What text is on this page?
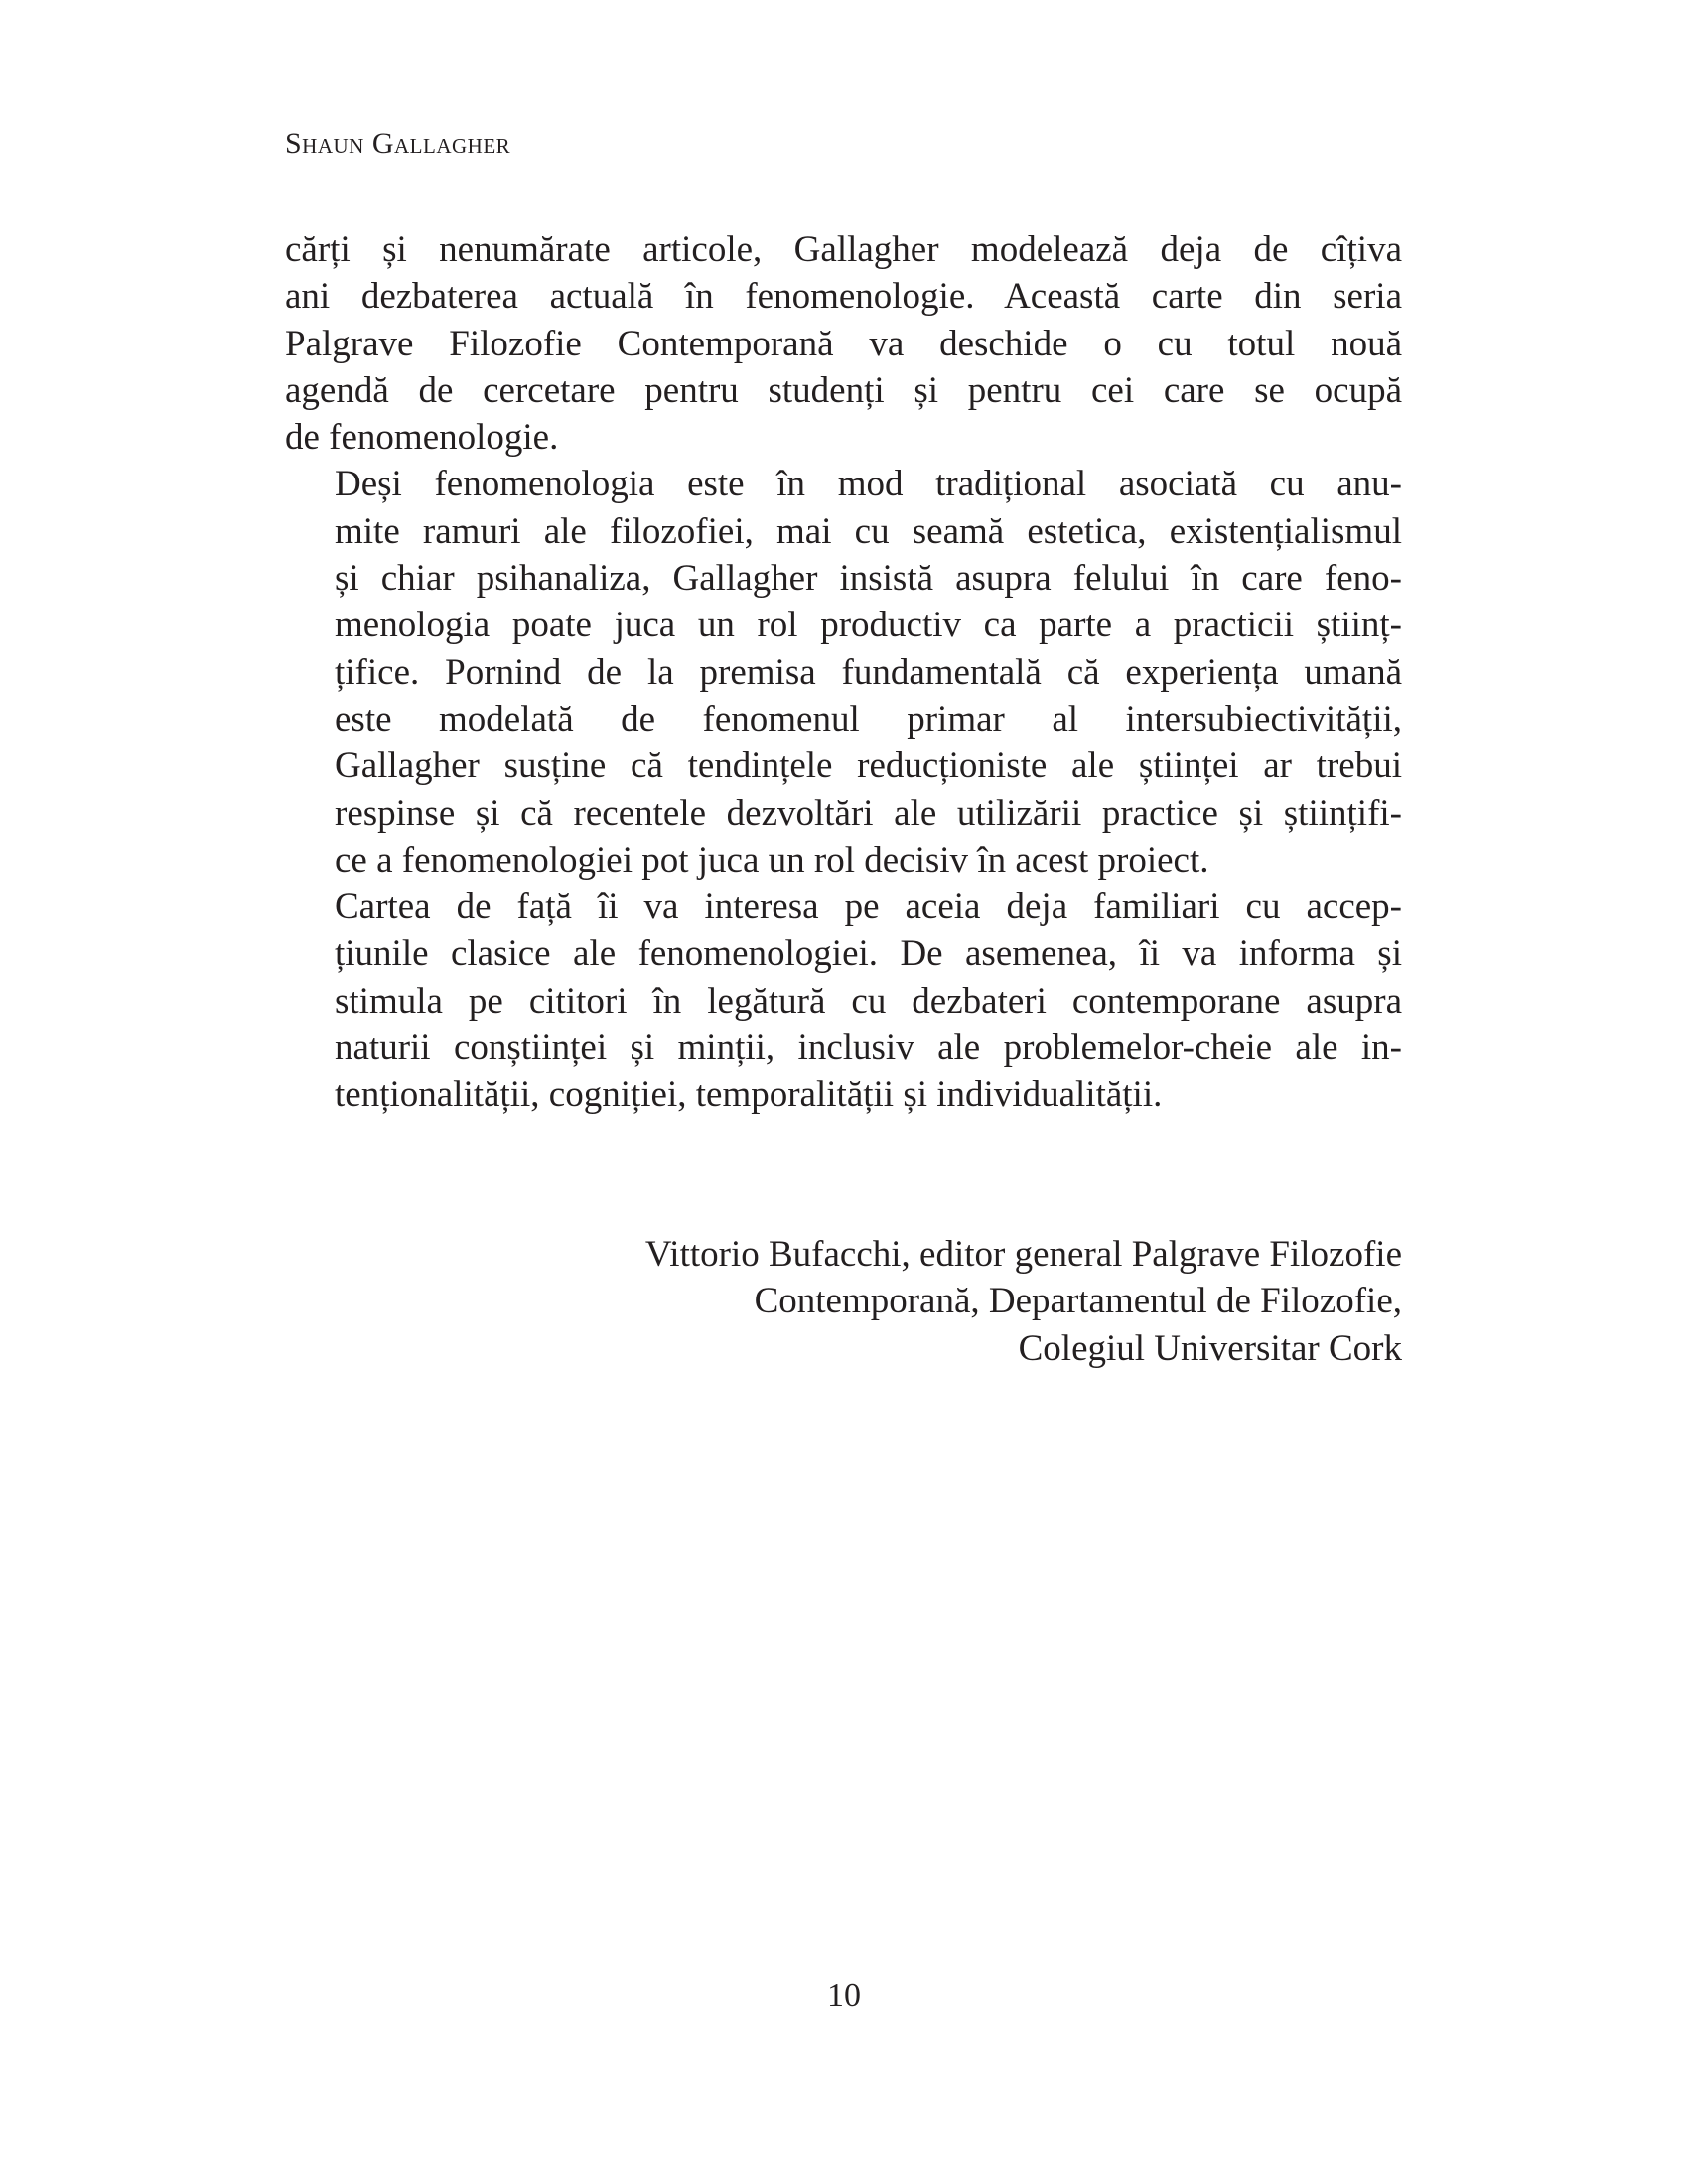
Shaun Gallagher

cărți și nenumărate articole, Gallagher modelează deja de cîțiva
ani dezbaterea actuală în fenomenologie. Această carte din seria
Palgrave Filozofie Contemporană va deschide o cu totul nouă
agendă de cercetare pentru studenți și pentru cei care se ocupă
de fenomenologie.

Deși fenomenologia este în mod tradițional asociată cu anu-
mite ramuri ale filozofiei, mai cu seamă estetica, existențialismul
și chiar psihanaliza, Gallagher insistă asupra felului în care feno-
menologia poate juca un rol productiv ca parte a practicii științ-
țifice. Pornind de la premisa fundamentală că experiența umană
este modelată de fenomenul primar al intersubiectivității,
Gallagher susține că tendințele reducționiste ale științei ar trebui
respinse și că recentele dezvoltări ale utilizării practice și științifi-
ce a fenomenologiei pot juca un rol decisiv în acest proiect.

Cartea de față îi va interesa pe aceia deja familiari cu accep-
țiunile clasice ale fenomenologiei. De asemenea, îi va informa și
stimula pe cititori în legătură cu dezbateri contemporane asupra
naturii conștiinței și minții, inclusiv ale problemelor-cheie ale in-
tenționalității, cogniției, temporalității și individualității.

Vittorio Bufacchi, editor general Palgrave Filozofie
Contemporană, Departamentul de Filozofie,
Colegiul Universitar Cork
10
